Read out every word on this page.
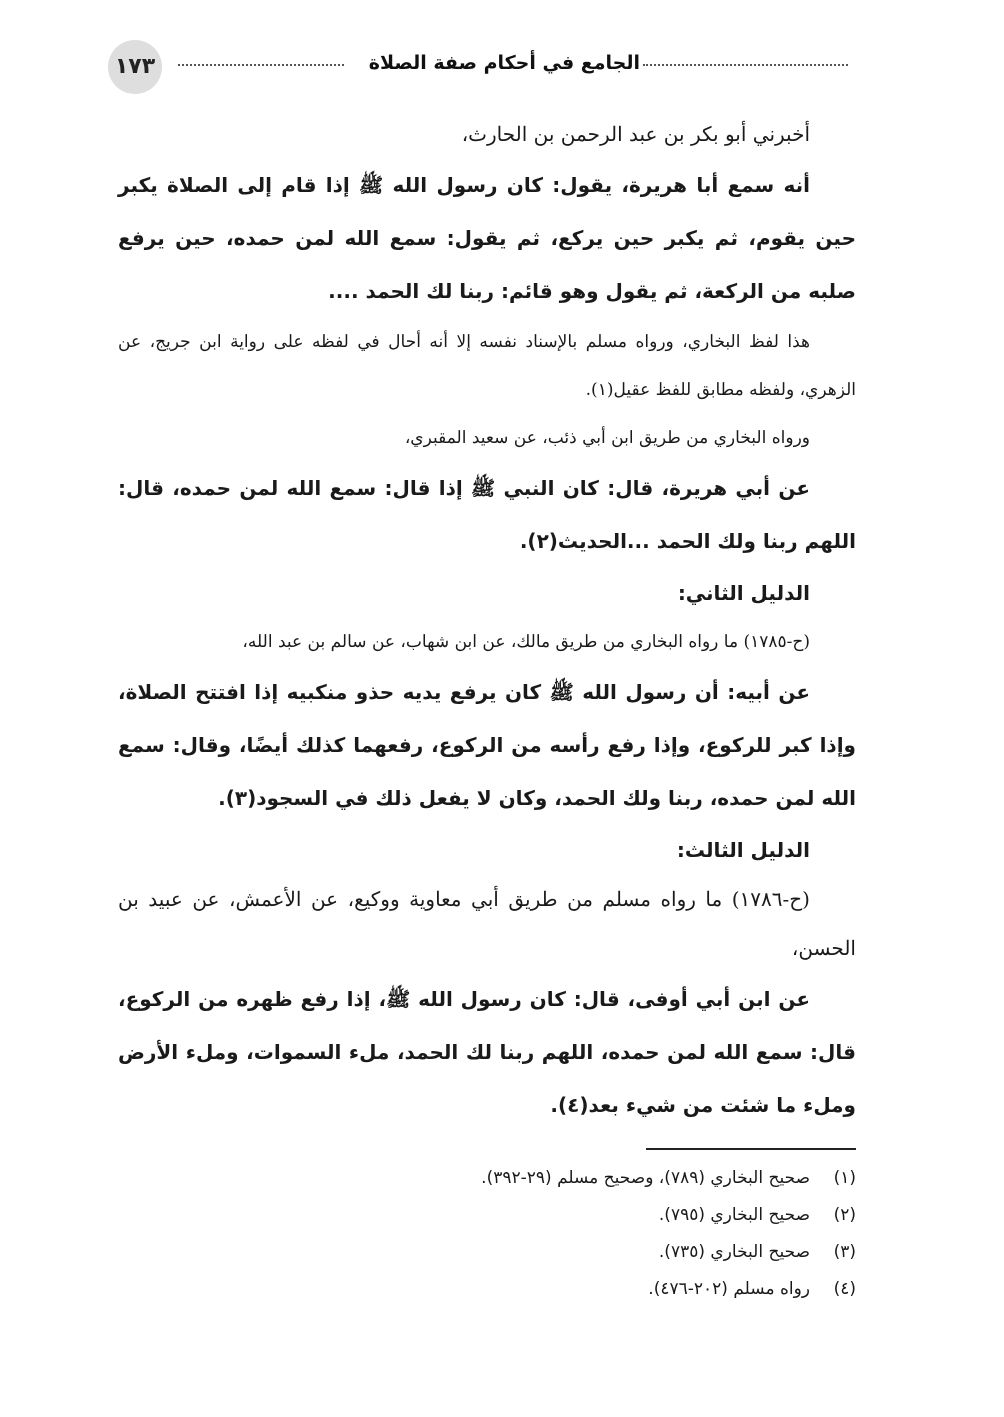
الجامع في أحكام صفة الصلاة
١٧٣

أخبرني أبو بكر بن عبد الرحمن بن الحارث،

أنه سمع أبا هريرة، يقول: كان رسول الله ﷺ إذا قام إلى الصلاة يكبر حين يقوم، ثم يكبر حين يركع، ثم يقول: سمع الله لمن حمده، حين يرفع صلبه من الركعة، ثم يقول وهو قائم: ربنا لك الحمد ....

هذا لفظ البخاري، ورواه مسلم بالإسناد نفسه إلا أنه أحال في لفظه على رواية ابن جريج، عن الزهري، ولفظه مطابق للفظ عقيل(١).

ورواه البخاري من طريق ابن أبي ذئب، عن سعيد المقبري،

عن أبي هريرة، قال: كان النبي ﷺ إذا قال: سمع الله لمن حمده، قال: اللهم ربنا ولك الحمد ...الحديث(٢).

الدليل الثاني:

(ح-١٧٨٥) ما رواه البخاري من طريق مالك، عن ابن شهاب، عن سالم بن عبد الله،

عن أبيه: أن رسول الله ﷺ كان يرفع يديه حذو منكبيه إذا افتتح الصلاة، وإذا كبر للركوع، وإذا رفع رأسه من الركوع، رفعهما كذلك أيضًا، وقال: سمع الله لمن حمده، ربنا ولك الحمد، وكان لا يفعل ذلك في السجود(٣).

الدليل الثالث:

(ح-١٧٨٦) ما رواه مسلم من طريق أبي معاوية ووكيع، عن الأعمش، عن عبيد بن الحسن،

عن ابن أبي أوفى، قال: كان رسول الله ﷺ، إذا رفع ظهره من الركوع، قال: سمع الله لمن حمده، اللهم ربنا لك الحمد، ملء السموات، وملء الأرض وملء ما شئت من شيء بعد(٤).

(١)صحيح البخاري (٧٨٩)، وصحيح مسلم (٢٩-٣٩٢).
(٢)صحيح البخاري (٧٩٥).
(٣)صحيح البخاري (٧٣٥).
(٤)رواه مسلم (٢٠٢-٤٧٦).
